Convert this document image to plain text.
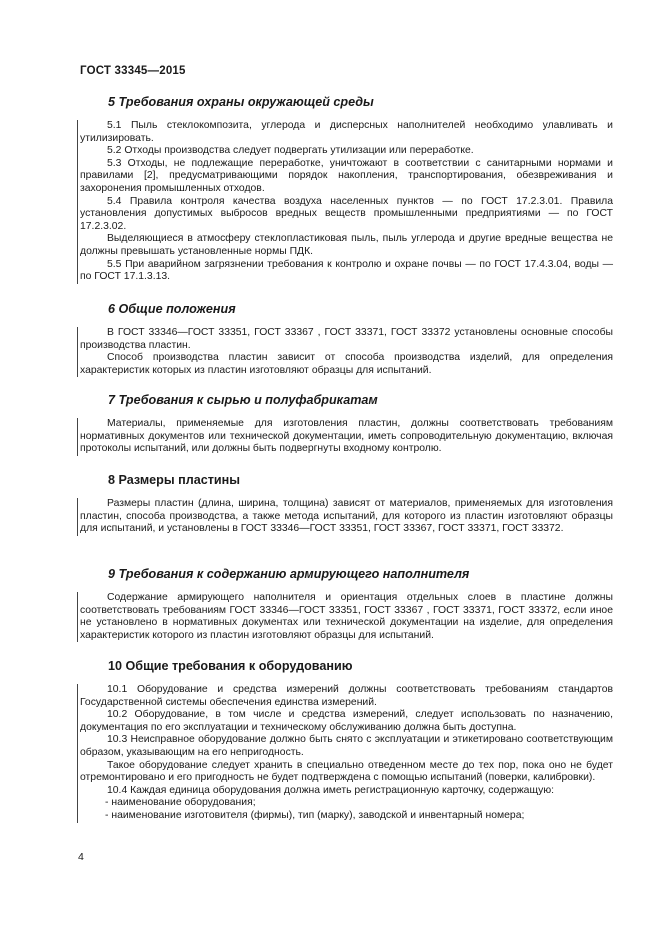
ГОСТ 33345—2015
5 Требования охраны окружающей среды

5.1 Пыль стеклокомпозита, углерода и дисперсных наполнителей необходимо улавливать и утилизировать.

5.2 Отходы производства следует подвергать утилизации или переработке.

5.3 Отходы, не подлежащие переработке, уничтожают в соответствии с санитарными нормами и правилами [2], предусматривающими порядок накопления, транспортирования, обезвреживания и захоронения промышленных отходов.

5.4 Правила контроля качества воздуха населенных пунктов — по ГОСТ 17.2.3.01. Правила установления допустимых выбросов вредных веществ промышленными предприятиями — по ГОСТ 17.2.3.02.

Выделяющиеся в атмосферу стеклопластиковая пыль, пыль углерода и другие вредные вещества не должны превышать установленные нормы ПДК.

5.5 При аварийном загрязнении требования к контролю и охране почвы — по ГОСТ 17.4.3.04, воды — по ГОСТ 17.1.3.13.

6 Общие положения

В ГОСТ 33346—ГОСТ 33351, ГОСТ 33367 , ГОСТ 33371, ГОСТ 33372 установлены основные способы производства пластин.

Способ производства пластин зависит от способа производства изделий, для определения характеристик которых из пластин изготовляют образцы для испытаний.

7 Требования к сырью и полуфабрикатам

Материалы, применяемые для изготовления пластин, должны соответствовать требованиям нормативных документов или технической документации, иметь сопроводительную документацию, включая протоколы испытаний, или должны быть подвергнуты входному контролю.

8 Размеры пластины

Размеры пластин (длина, ширина, толщина) зависят от материалов, применяемых для изготовления пластин, способа производства, а также метода испытаний, для которого из пластин изготовляют образцы для испытаний, и установлены в ГОСТ 33346—ГОСТ 33351, ГОСТ 33367, ГОСТ 33371, ГОСТ 33372.

9 Требования к содержанию армирующего наполнителя

Содержание армирующего наполнителя и ориентация отдельных слоев в пластине должны соответствовать требованиям ГОСТ 33346—ГОСТ 33351, ГОСТ 33367 , ГОСТ 33371, ГОСТ 33372, если иное не установлено в нормативных документах или технической документации на изделие, для определения характеристик которого из пластин изготовляют образцы для испытаний.

10 Общие требования к оборудованию

10.1 Оборудование и средства измерений должны соответствовать требованиям стандартов Государственной системы обеспечения единства измерений.

10.2 Оборудование, в том числе и средства измерений, следует использовать по назначению, документация по его эксплуатации и техническому обслуживанию должна быть доступна.

10.3 Неисправное оборудование должно быть снято с эксплуатации и этикетировано соответствующим образом, указывающим на его непригодность.

Такое оборудование следует хранить в специально отведенном месте до тех пор, пока оно не будет отремонтировано и его пригодность не будет подтверждена с помощью испытаний (поверки, калибровки).

10.4 Каждая единица оборудования должна иметь регистрационную карточку, содержащую:

- наименование оборудования;

- наименование изготовителя (фирмы), тип (марку), заводской и инвентарный номера;

4
